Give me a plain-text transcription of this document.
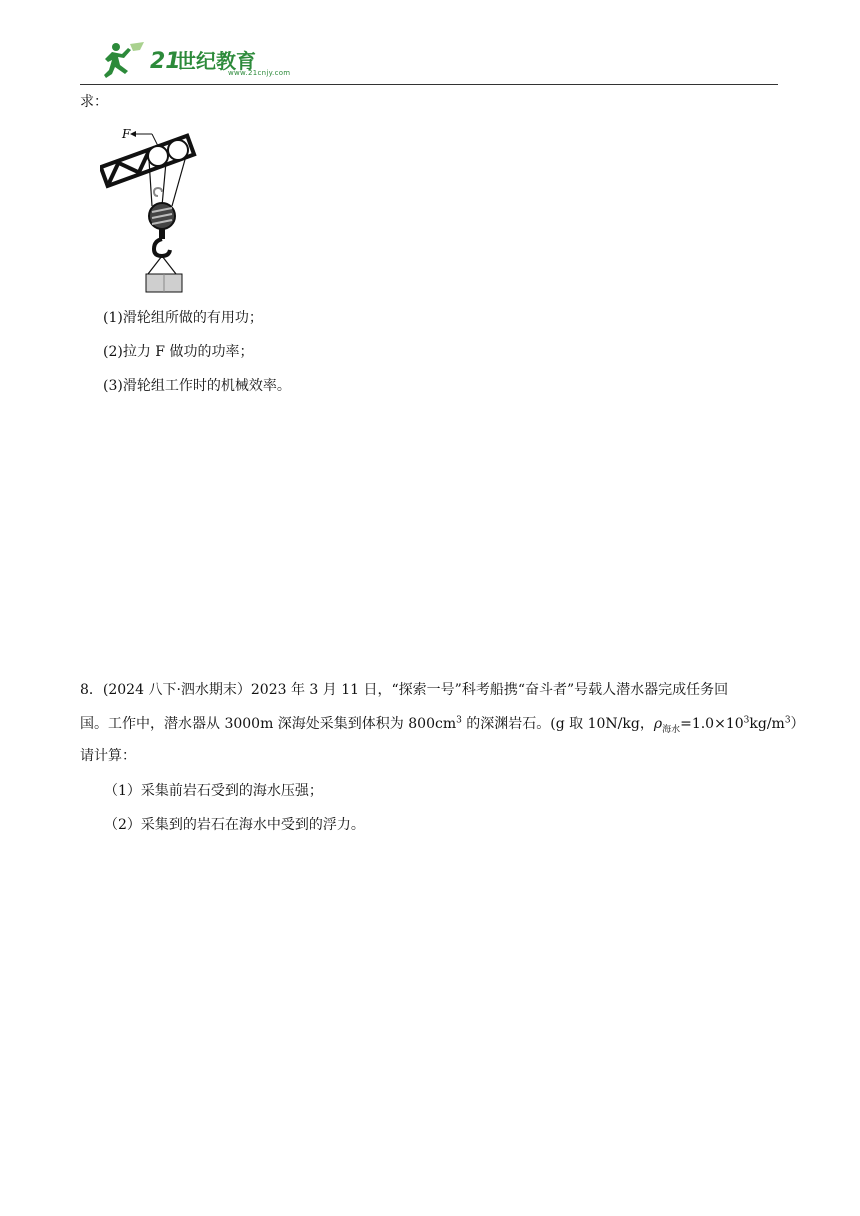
21
世纪教育
www.21cnjy.com
求：
F
(1)滑轮组所做的有用功；
(2)拉力 F 做功的功率；
(3)滑轮组工作时的机械效率。
8．(2024 八下·泗水期末）2023 年 3 月 11 日，“探索一号”科考船携“奋斗者”号载人潜水器完成任务回
国。工作中，潜水器从 3000m 深海处采集到体积为 $800cm^3$ 的深渊岩石。(g 取 10N/kg，$\rho_{海水}=1.0\times 10^3kg/m^3$）
请计算：
（1）采集前岩石受到的海水压强；
（2）采集到的岩石在海水中受到的浮力。
